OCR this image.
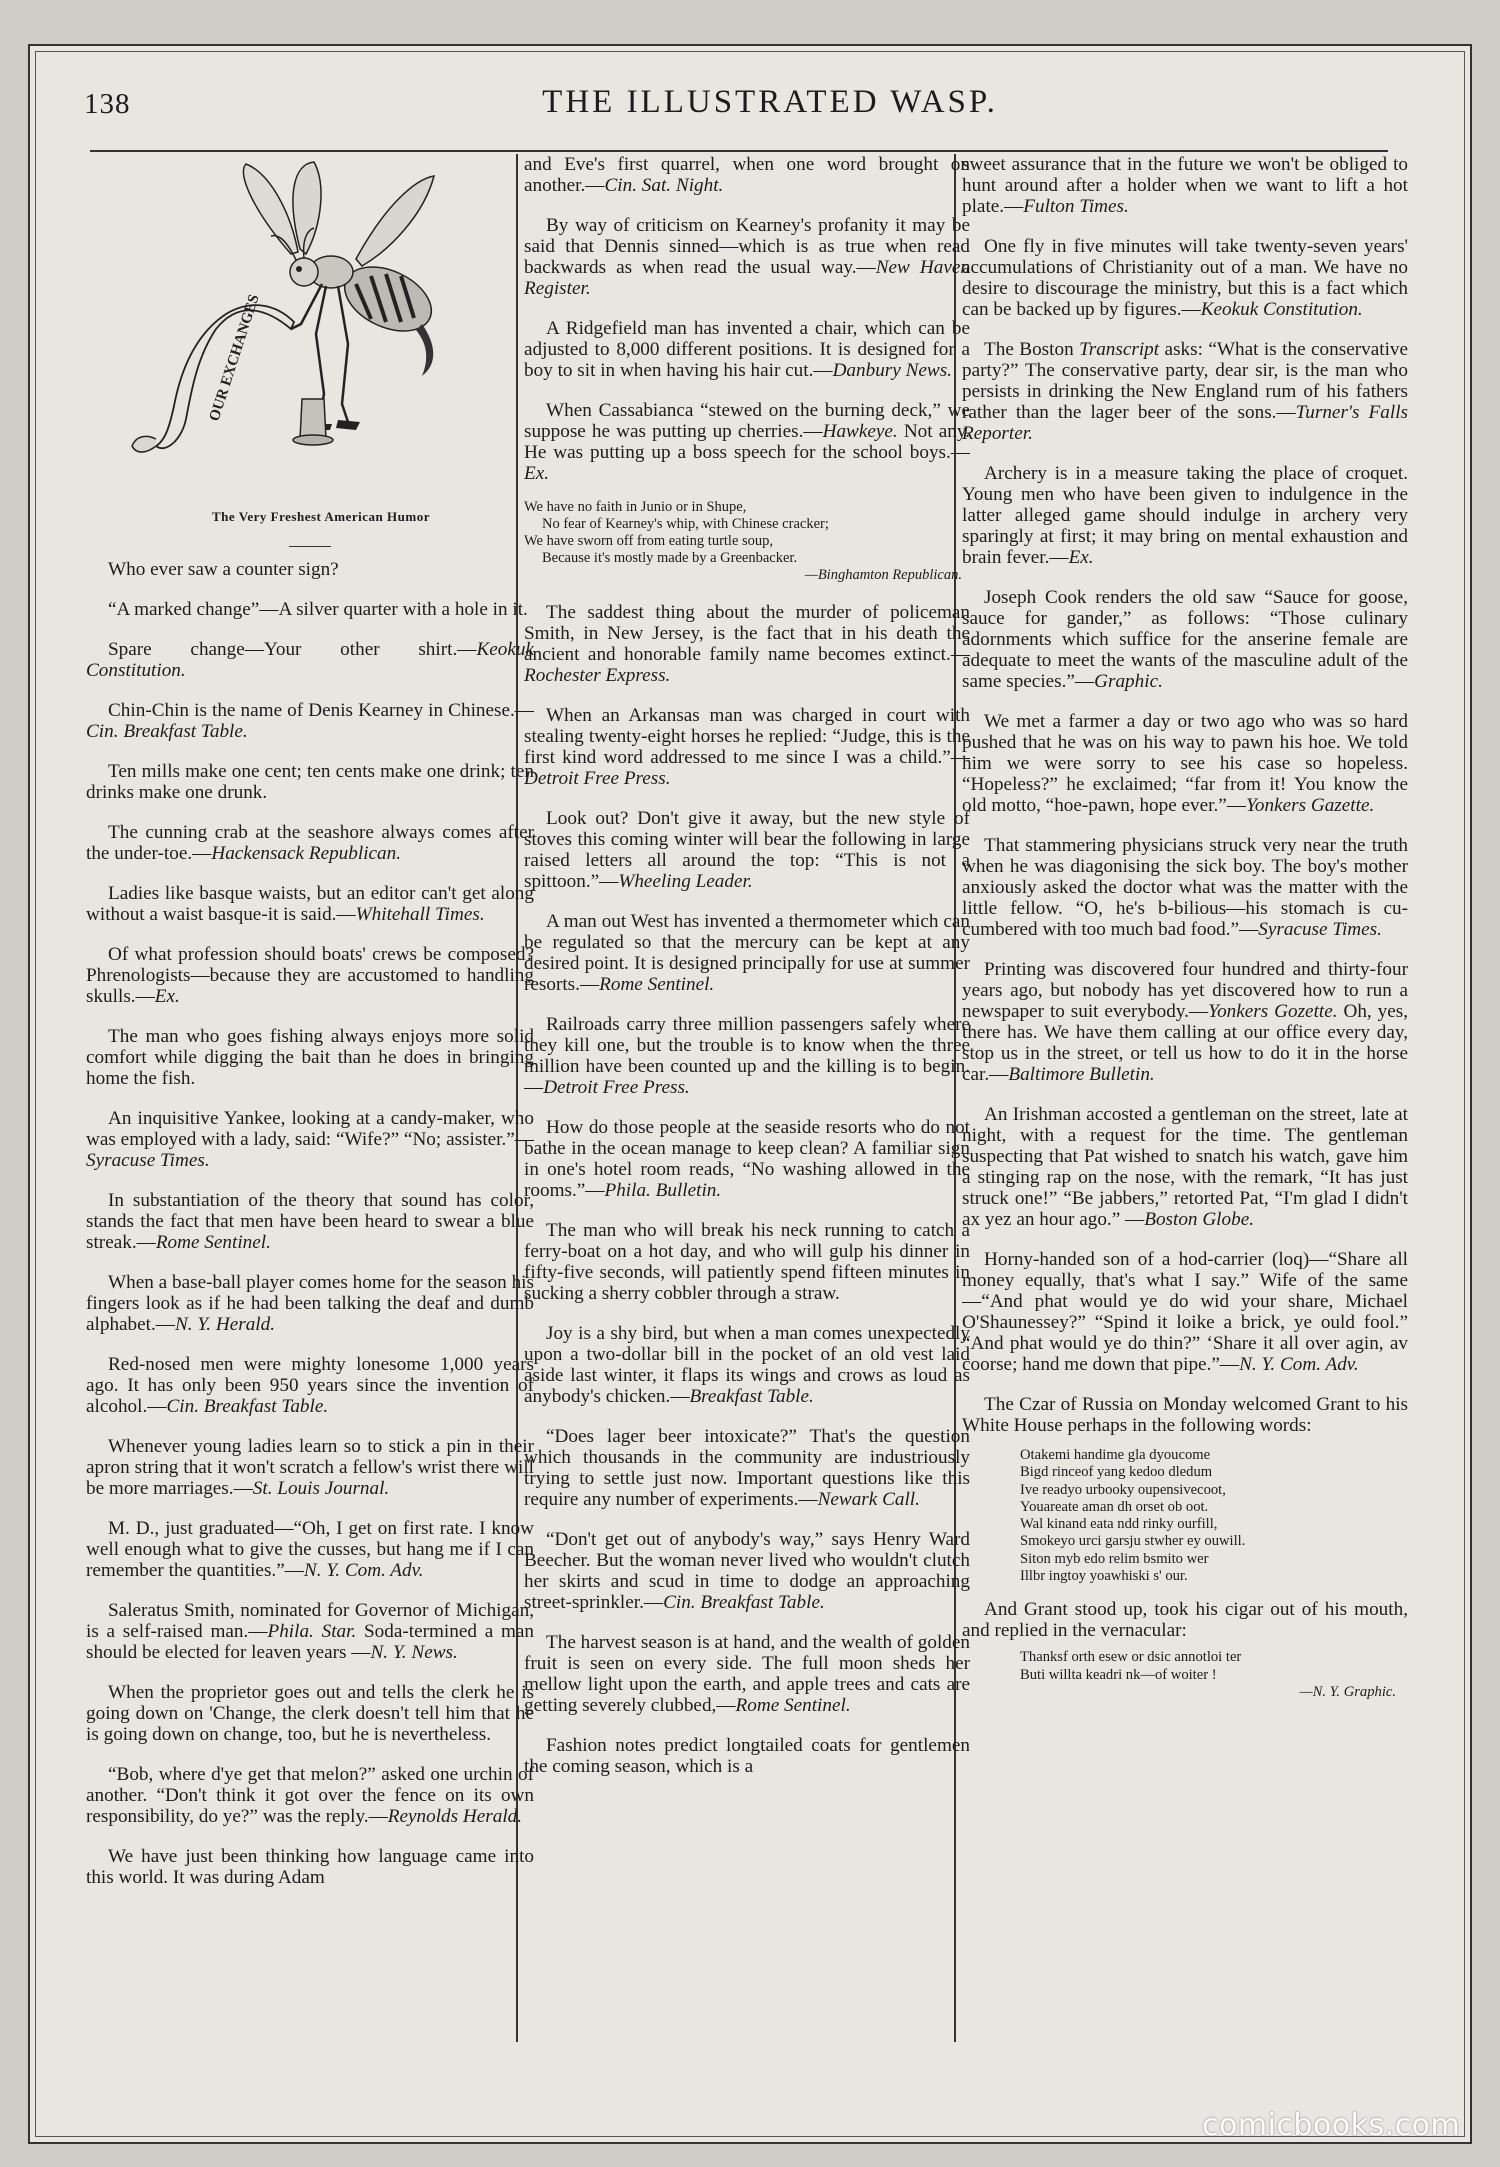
138	THE ILLUSTRATED WASP.
OUR EXCHANGES

The Very Freshest American Humor

Who ever saw a counter sign?

“A marked change”—A silver quarter with a hole in it.

Spare change—Your other shirt.—Keokuk Constitution.

Chin-Chin is the name of Denis Kearney in Chinese.—Cin. Breakfast Table.

Ten mills make one cent; ten cents make one drink; ten drinks make one drunk.

The cunning crab at the seashore always comes after the under-toe.—Hackensack Republican.

Ladies like basque waists, but an editor can't get along without a waist basque-it is said.—Whitehall Times.

Of what profession should boats' crews be composed? Phrenologists—because they are accustomed to handling skulls.—Ex.

The man who goes fishing always enjoys more solid comfort while digging the bait than he does in bringing home the fish.

An inquisitive Yankee, looking at a candy-maker, who was employed with a lady, said: “Wife?” “No; assister.”—Syracuse Times.

In substantiation of the theory that sound has color, stands the fact that men have been heard to swear a blue streak.—Rome Sentinel.

When a base-ball player comes home for the season his fingers look as if he had been talking the deaf and dumb alphabet.—N. Y. Herald.

Red-nosed men were mighty lonesome 1,000 years ago. It has only been 950 years since the invention of alcohol.—Cin. Breakfast Table.

Whenever young ladies learn so to stick a pin in their apron string that it won't scratch a fellow's wrist there will be more marriages.—St. Louis Journal.

M. D., just graduated—“Oh, I get on first rate. I know well enough what to give the cusses, but hang me if I can remember the quantities.”—N. Y. Com. Adv.

Saleratus Smith, nominated for Governor of Michigan, is a self-raised man.—Phila. Star. Soda-termined a man should be elected for leaven years —N. Y. News.

When the proprietor goes out and tells the clerk he is going down on 'Change, the clerk doesn't tell him that he is going down on change, too, but he is nevertheless.

“Bob, where d'ye get that melon?” asked one urchin of another. “Don't think it got over the fence on its own responsibility, do ye?” was the reply.—Reynolds Herald.

We have just been thinking how language came into this world. It was during Adam

and Eve's first quarrel, when one word brought on another.—Cin. Sat. Night.

By way of criticism on Kearney's profanity it may be said that Dennis sinned—which is as true when read backwards as when read the usual way.—New Haven Register.

A Ridgefield man has invented a chair, which can be adjusted to 8,000 different positions. It is designed for a boy to sit in when having his hair cut.—Danbury News.

When Cassabianca “stewed on the burning deck,” we suppose he was putting up cherries.—Hawkeye. Not any. He was putting up a boss speech for the school boys.—Ex.

We have no faith in Junio or in Shupe,
No fear of Kearney's whip, with Chinese cracker;
We have sworn off from eating turtle soup,
Because it's mostly made by a Greenbacker.
—Binghamton Republican.

The saddest thing about the murder of policeman Smith, in New Jersey, is the fact that in his death the ancient and honorable family name becomes extinct.—Rochester Express.

When an Arkansas man was charged in court with stealing twenty-eight horses he replied: “Judge, this is the first kind word addressed to me since I was a child.”—Detroit Free Press.

Look out? Don't give it away, but the new style of stoves this coming winter will bear the following in large raised letters all around the top: “This is not a spittoon.”—Wheeling Leader.

A man out West has invented a thermometer which can be regulated so that the mercury can be kept at any desired point. It is designed principally for use at summer resorts.—Rome Sentinel.

Railroads carry three million passengers safely where they kill one, but the trouble is to know when the three million have been counted up and the killing is to begin.—Detroit Free Press.

How do those people at the seaside resorts who do not bathe in the ocean manage to keep clean? A familiar sign in one's hotel room reads, “No washing allowed in the rooms.”—Phila. Bulletin.

The man who will break his neck running to catch a ferry-boat on a hot day, and who will gulp his dinner in fifty-five seconds, will patiently spend fifteen minutes in sucking a sherry cobbler through a straw.

Joy is a shy bird, but when a man comes unexpectedly upon a two-dollar bill in the pocket of an old vest laid aside last winter, it flaps its wings and crows as loud as anybody's chicken.—Breakfast Table.

“Does lager beer intoxicate?” That's the question which thousands in the community are industriously trying to settle just now. Important questions like this require any number of experiments.—Newark Call.

“Don't get out of anybody's way,” says Henry Ward Beecher. But the woman never lived who wouldn't clutch her skirts and scud in time to dodge an approaching street-sprinkler.—Cin. Breakfast Table.

The harvest season is at hand, and the wealth of golden fruit is seen on every side. The full moon sheds her mellow light upon the earth, and apple trees and cats are getting severely clubbed,—Rome Sentinel.

Fashion notes predict longtailed coats for gentlemen the coming season, which is a

sweet assurance that in the future we won't be obliged to hunt around after a holder when we want to lift a hot plate.—Fulton Times.

One fly in five minutes will take twenty-seven years' accumulations of Christianity out of a man. We have no desire to discourage the ministry, but this is a fact which can be backed up by figures.—Keokuk Constitution.

The Boston Transcript asks: “What is the conservative party?” The conservative party, dear sir, is the man who persists in drinking the New England rum of his fathers rather than the lager beer of the sons.—Turner's Falls Reporter.

Archery is in a measure taking the place of croquet. Young men who have been given to indulgence in the latter alleged game should indulge in archery very sparingly at first; it may bring on mental exhaustion and brain fever.—Ex.

Joseph Cook renders the old saw “Sauce for goose, sauce for gander,” as follows: “Those culinary adornments which suffice for the anserine female are adequate to meet the wants of the masculine adult of the same species.”—Graphic.

We met a farmer a day or two ago who was so hard pushed that he was on his way to pawn his hoe. We told him we were sorry to see his case so hopeless. “Hopeless?” he exclaimed; “far from it! You know the old motto, “hoe-pawn, hope ever.”—Yonkers Gazette.

That stammering physicians struck very near the truth when he was diagonising the sick boy. The boy's mother anxiously asked the doctor what was the matter with the little fellow. “O, he's b-bilious—his stomach is cu-cumbered with too much bad food.”—Syracuse Times.

Printing was discovered four hundred and thirty-four years ago, but nobody has yet discovered how to run a newspaper to suit everybody.—Yonkers Gozette. Oh, yes, there has. We have them calling at our office every day, stop us in the street, or tell us how to do it in the horse car.—Baltimore Bulletin.

An Irishman accosted a gentleman on the street, late at night, with a request for the time. The gentleman suspecting that Pat wished to snatch his watch, gave him a stinging rap on the nose, with the remark, “It has just struck one!” “Be jabbers,” retorted Pat, “I'm glad I didn't ax yez an hour ago.” —Boston Globe.

Horny-handed son of a hod-carrier (loq)—“Share all money equally, that's what I say.” Wife of the same—“And phat would ye do wid your share, Michael O'Shaunessey?” “Spind it loike a brick, ye ould fool.” “And phat would ye do thin?” ‘Share it all over agin, av coorse; hand me down that pipe.”—N. Y. Com. Adv.

The Czar of Russia on Monday welcomed Grant to his White House perhaps in the following words:

Otakemi handime gla dyoucome
Bigd rinceof yang kedoo dledum
Ive readyo urbooky oupensivecoot,
Youareate aman dh orset ob oot.
Wal kinand eata ndd rinky ourfill,
Smokeyo urci garsju stwher ey ouwill.
Siton myb edo relim bsmito wer
Illbr ingtoy yoawhiski s' our.

And Grant stood up, took his cigar out of his mouth, and replied in the vernacular:

Thanksf orth esew or dsic annotloi ter
Buti willta keadri nk—of woiter !
—N. Y. Graphic.
comicbooks.com
